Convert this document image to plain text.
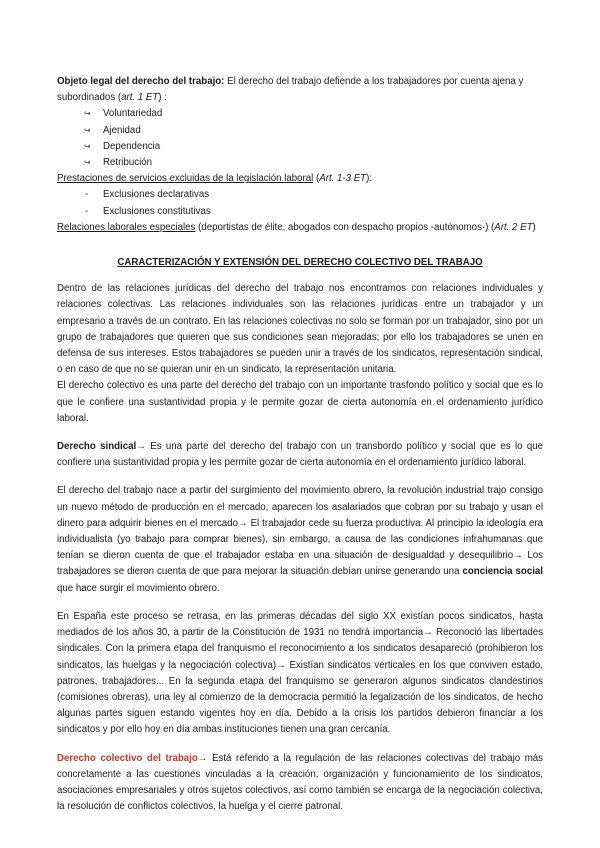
Objeto legal del derecho del trabajo: El derecho del trabajo defiende a los trabajadores por cuenta ajena y subordinados (art. 1 ET) :

↪ Voluntariedad
↪ Ajenidad
↪ Dependencia
↪ Retribución

Prestaciones de servicios excluidas de la legislación laboral (Art. 1-3 ET):

- Exclusiones declarativas
- Exclusiones constitutivas

Relaciones laborales especiales (deportistas de élite, abogados con despacho propios -autónomos-) (Art. 2 ET)

CARACTERIZACIÓN Y EXTENSIÓN DEL DERECHO COLECTIVO DEL TRABAJO

Dentro de las relaciones jurídicas del derecho del trabajo nos encontramos con relaciones individuales y relaciones colectivas. Las relaciones individuales son las relaciones jurídicas entre un trabajador y un empresario a través de un contrato. En las relaciones colectivas no solo se forman por un trabajador, sino por un grupo de trabajadores que quieren que sus condiciones sean mejoradas; por ello los trabajadores se unen en defensa de sus intereses. Estos trabajadores se pueden unir a través de los sindicatos, representación sindical, o en caso de que no se quieran unir en un sindicato, la representación unitaria.

El derecho colectivo es una parte del derecho del trabajo con un importante trasfondo político y social que es lo que le confiere una sustantividad propia y le permite gozar de cierta autonomía en el ordenamiento jurídico laboral.

Derecho sindical→ Es una parte del derecho del trabajo con un transbordo político y social que es lo que confiere una sustantividad propia y les permite gozar de cierta autonomía en el ordenamiento jurídico laboral.

El derecho del trabajo nace a partir del surgimiento del movimiento obrero, la revolución industrial trajo consigo un nuevo método de producción en el mercado, aparecen los asalariados que cobran por su trabajo y usan el dinero para adquirir bienes en el mercado→ El trabajador cede su fuerza productiva. Al principio la ideología era individualista (yo trabajo para comprar bienes), sin embargo, a causa de las condiciones infrahumanas que tenían se dieron cuenta de que el trabajador estaba en una situación de desigualdad y desequilibrio→ Los trabajadores se dieron cuenta de que para mejorar la situación debían unirse generando una conciencia social que hace surgir el movimiento obrero.

En España este proceso se retrasa, en las primeras décadas del siglo XX existían pocos sindicatos, hasta mediados de los años 30, a partir de la Constitución de 1931 no tendrá importancia→ Reconoció las libertades sindicales. Con la primera etapa del franquismo el reconocimiento a los sindicatos desapareció (prohibieron los sindicatos, las huelgas y la negociación colectiva)→ Existían sindicatos verticales en los que conviven estado, patrones, trabajadores... En la segunda etapa del franquismo se generaron algunos sindicatos clandestinos (comisiones obreras), una ley al comienzo de la democracia permitió la legalización de los sindicatos, de hecho algunas partes siguen estando vigentes hoy en día. Debido a la crisis los partidos debieron financiar a los sindicatos y por ello hoy en día ambas instituciones tienen una gran cercanía.

Derecho colectivo del trabajo→ Está referido a la regulación de las relaciones colectivas del trabajo más concretamente a las cuestiones vinculadas a la creación, organización y funcionamiento de los sindicatos, asociaciones empresariales y otros sujetos colectivos, así como también se encarga de la negociación colectiva, la resolución de conflictos colectivos, la huelga y el cierre patronal.
